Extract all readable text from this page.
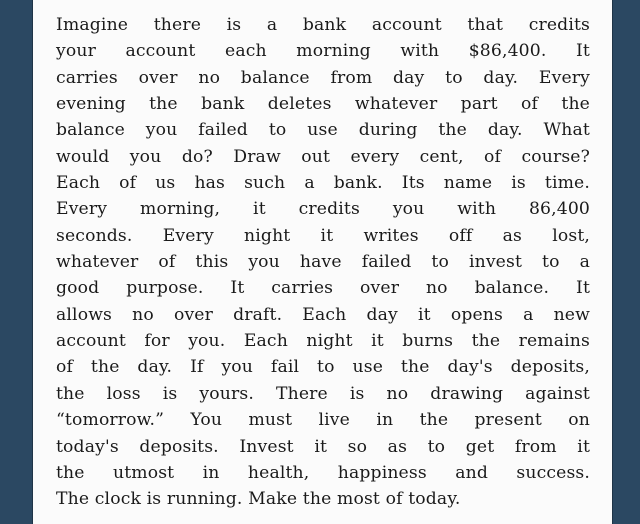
Imagine there is a bank account that credits
your account each morning with $86,400. It
carries over no balance from day to day. Every
evening the bank deletes whatever part of the
balance you failed to use during the day. What
would you do? Draw out every cent, of course?
Each of us has such a bank. Its name is time.
Every morning, it credits you with 86,400
seconds. Every night it writes off as lost,
whatever of this you have failed to invest to a
good purpose. It carries over no balance. It
allows no over draft. Each day it opens a new
account for you. Each night it burns the remains
of the day. If you fail to use the day's deposits,
the loss is yours. There is no drawing against
“tomorrow.” You must live in the present on
today's deposits. Invest it so as to get from it
the utmost in health, happiness and success.
The clock is running. Make the most of today.
